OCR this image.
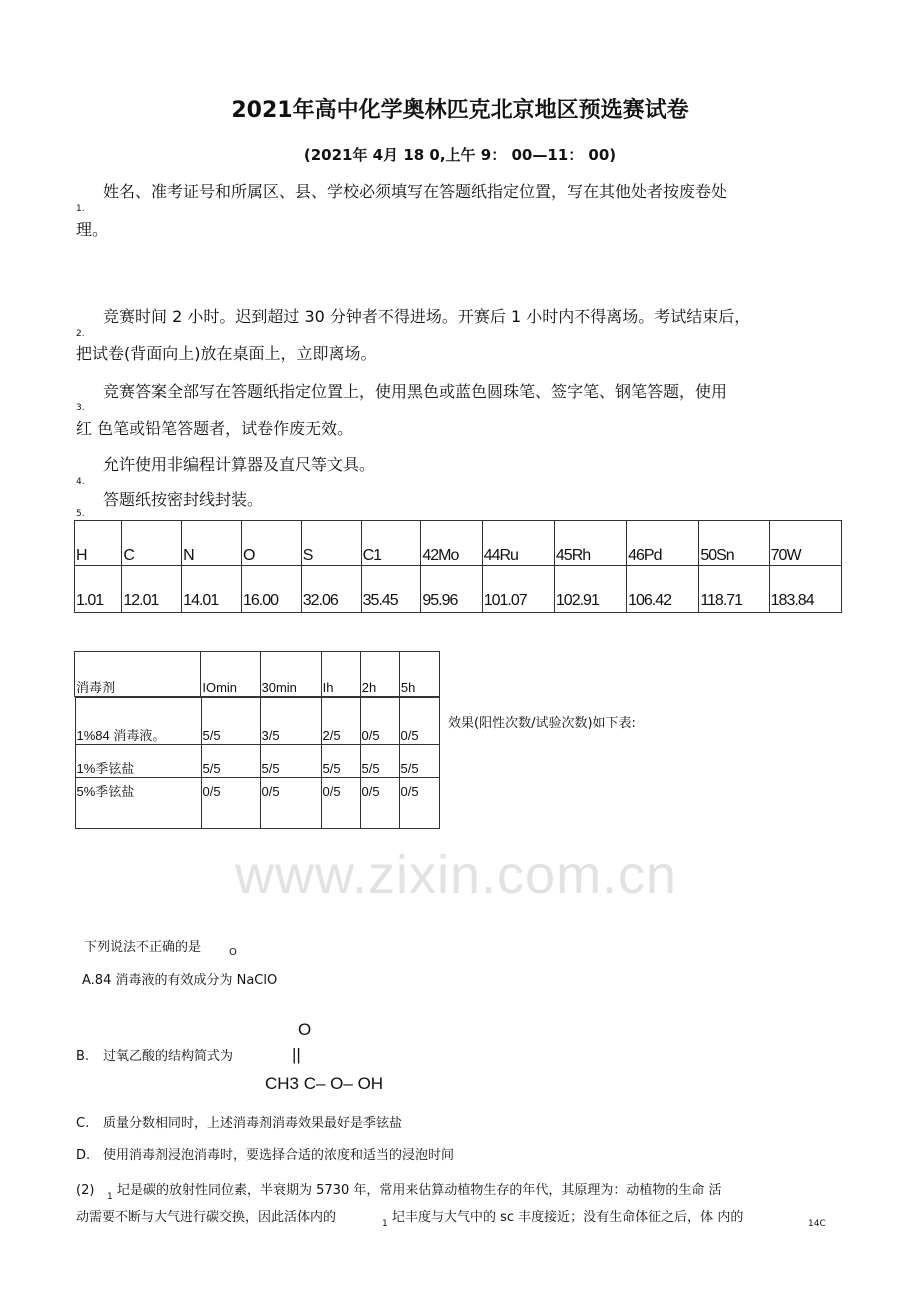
2021年高中化学奥林匹克北京地区预选赛试卷
(2021年 4月 18 0,上午 9： 00—11： 00)
姓名、准考证号和所属区、县、学校必须填写在答题纸指定位置，写在其他处者按废卷处
1.
理。
竞赛时间 2 小时。迟到超过 30 分钟者不得进场。开赛后 1 小时内不得离场。考试结束后，
2.
把试卷(背面向上)放在桌面上，立即离场。
竞赛答案全部写在答题纸指定位置上，使用黑色或蓝色圆珠笔、签字笔、钢笔答题，使用
3.
红 色笔或铅笔答题者，试卷作废无效。
允许使用非编程计算器及直尺等文具。
4.
答题纸按密封线封装。
5.
H	C	N	O	S	C1	42Mo	44Ru	45Rh	46Pd	50Sn	70W
1.01	12.01	14.01	16.00	32.06	35.45	95.96	101.07	102.91	106.42	118.71	183.84
消毒剂	IOmin	30min	Ih	2h	5h

1%84 消毒液。	5/5	3/5	2/5	0/5	0/5
1%季铉盐	5/5	5/5	5/5	5/5	5/5
5%季铉盐	0/5	0/5	0/5	0/5	0/5
效果(阳性次数/试验次数)如下表:
www.zixin.com.cn
下列说法不正确的是	O
A.84 消毒液的有效成分为 NaClO
O
B. 过氧乙酸的结构简式为	||
CH3 C– O– OH
C. 质量分数相同时，上述消毒剂消毒效果最好是季铉盐
D. 使用消毒剂浸泡消毒时，要选择合适的浓度和适当的浸泡时间
(2) 1 圮是碳的放射性同位素，半衰期为 5730 年，常用来估算动植物生存的年代，其原理为：动植物的生命 活
动需要不断与大气进行碳交换，因此活体内的	1 圮丰度与大气中的 sc 丰度接近；没有生命体征之后，体 内的	14C
